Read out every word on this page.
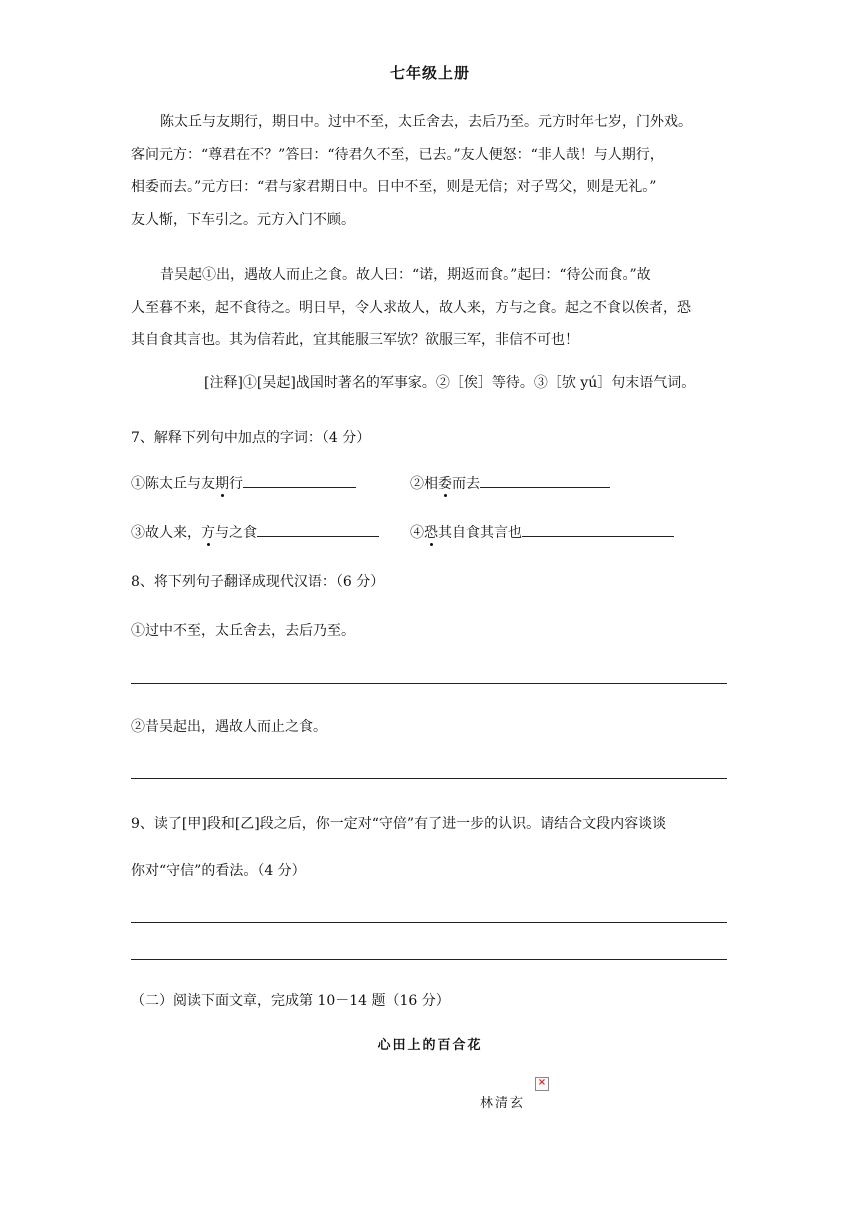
七年级上册

陈太丘与友期行，期日中。过中不至，太丘舍去，去后乃至。元方时年七岁，门外戏。

客问元方：“尊君在不？”答曰：“待君久不至，已去。”友人便怒：“非人哉！与人期行，

相委而去。”元方曰：“君与家君期日中。日中不至，则是无信；对子骂父，则是无礼。”

友人惭，下车引之。元方入门不顾。

昔吴起①出，遇故人而止之食。故人曰：“诺，期返而食。”起曰：“待公而食。”故

人至暮不来，起不食待之。明日早，令人求故人，故人来，方与之食。起之不食以俟者，恐

其自食其言也。其为信若此，宜其能服三军欤？欲服三军，非信不可也！

[注释]①[吴起]战国时著名的军事家。②［俟］等待。③［欤 yú］句末语气词。
7、解释下列句中加点的字词：（4 分）
①陈太丘与友期行	②相委而去
③故人来，方与之食	④恐其自食其言也
8、将下列句子翻译成现代汉语：（6 分）
①过中不至，太丘舍去，去后乃至。
②昔吴起出，遇故人而止之食。
9、读了[甲]段和[乙]段之后，你一定对“守倍”有了进一步的认识。请结合文段内容谈谈
你对“守信”的看法。（4 分）
（二）阅读下面文章，完成第 10－14 题（16 分）
心田上的百合花
×
林清玄
